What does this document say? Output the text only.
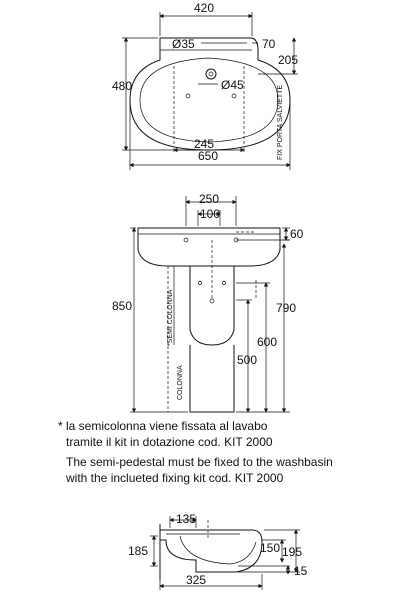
420
Ø35	70
480
205
Ø45	FIX PORTA SALVIETTE
245
650
250
100
60
850	790
600
500
*SEMI COLONNA
COLONNA
135
185	150 195
15
325
* la semicolonna viene fissata al lavabo
tramite il kit in dotazione cod. KIT 2000
The semi-pedestal must be fixed to the washbasin
with the inclueted fixing kit cod. KIT 2000
